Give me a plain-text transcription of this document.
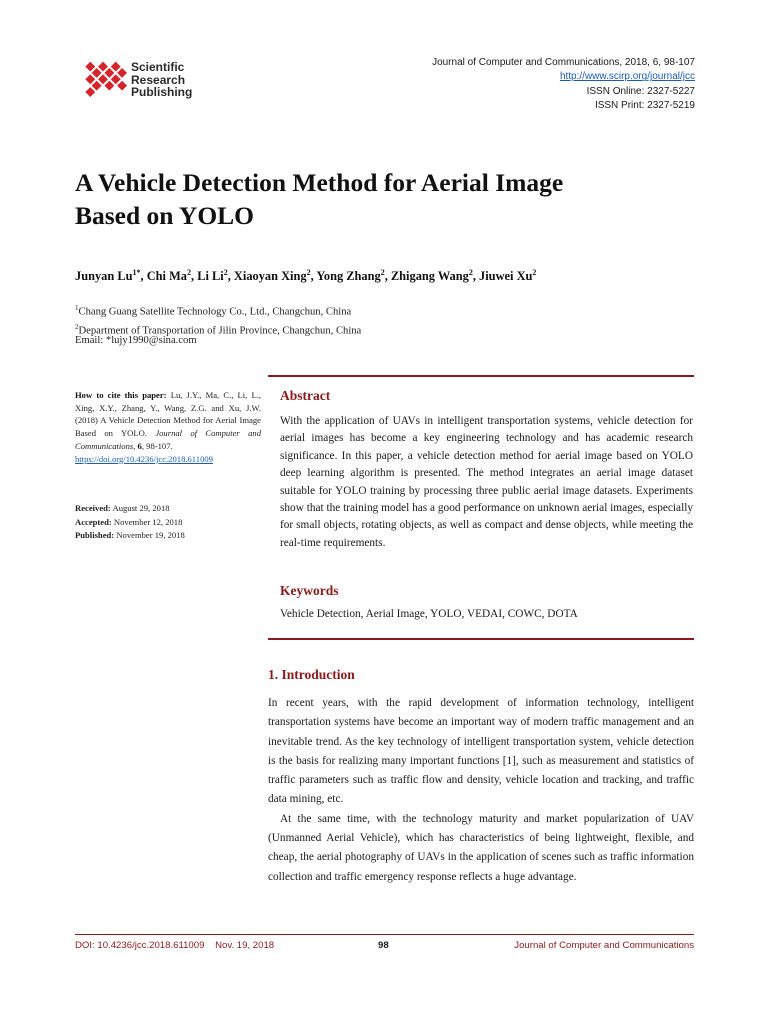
Scientific
Research
Publishing
Journal of Computer and Communications, 2018, 6, 98-107
http://www.scirp.org/journal/jcc
ISSN Online: 2327-5227
ISSN Print: 2327-5219
A Vehicle Detection Method for Aerial Image
Based on YOLO
Junyan $Lu^{1*}$, Chi Ma$^2$, Li Li$^2$, Xiaoyan Xing$^2$, Yong Zhang$^2$, Zhigang Wang$^2$, Jiuwei Xu$^2$
$^1$Chang Guang Satellite Technology Co., Ltd., Changchun, China
$^2$Department of Transportation of Jilin Province, Changchun, China
Email: *lujy1990@sina.com
How to cite this paper: Lu, J.Y., Ma, C., Li, L., Xing, X.Y., Zhang, Y., Wang, Z.G. and Xu, J.W. (2018) A Vehicle Detection Method for Aerial Image Based on YOLO. Journal of Computer and Communications, 6, 98-107.
https://doi.org/10.4236/jcc.2018.611009
Received: August 29, 2018
Accepted: November 12, 2018
Published: November 19, 2018
Abstract
With the application of UAVs in intelligent transportation systems, vehicle detection for aerial images has become a key engineering technology and has academic research significance. In this paper, a vehicle detection method for aerial image based on YOLO deep learning algorithm is presented. The method integrates an aerial image dataset suitable for YOLO training by processing three public aerial image datasets. Experiments show that the training model has a good performance on unknown aerial images, especially for small objects, rotating objects, as well as compact and dense objects, while meeting the real-time requirements.
Keywords
Vehicle Detection, Aerial Image, YOLO, VEDAI, COWC, DOTA
1. Introduction

In recent years, with the rapid development of information technology, intelligent transportation systems have become an important way of modern traffic management and an inevitable trend. As the key technology of intelligent transportation system, vehicle detection is the basis for realizing many important functions [1], such as measurement and statistics of traffic parameters such as traffic flow and density, vehicle location and tracking, and traffic data mining, etc.

At the same time, with the technology maturity and market popularization of UAV (Unmanned Aerial Vehicle), which has characteristics of being lightweight, flexible, and cheap, the aerial photography of UAVs in the application of scenes such as traffic information collection and traffic emergency response reflects a huge advantage.

DOI: 10.4236/jcc.2018.611009 Nov. 19, 2018	98	Journal of Computer and Communications
